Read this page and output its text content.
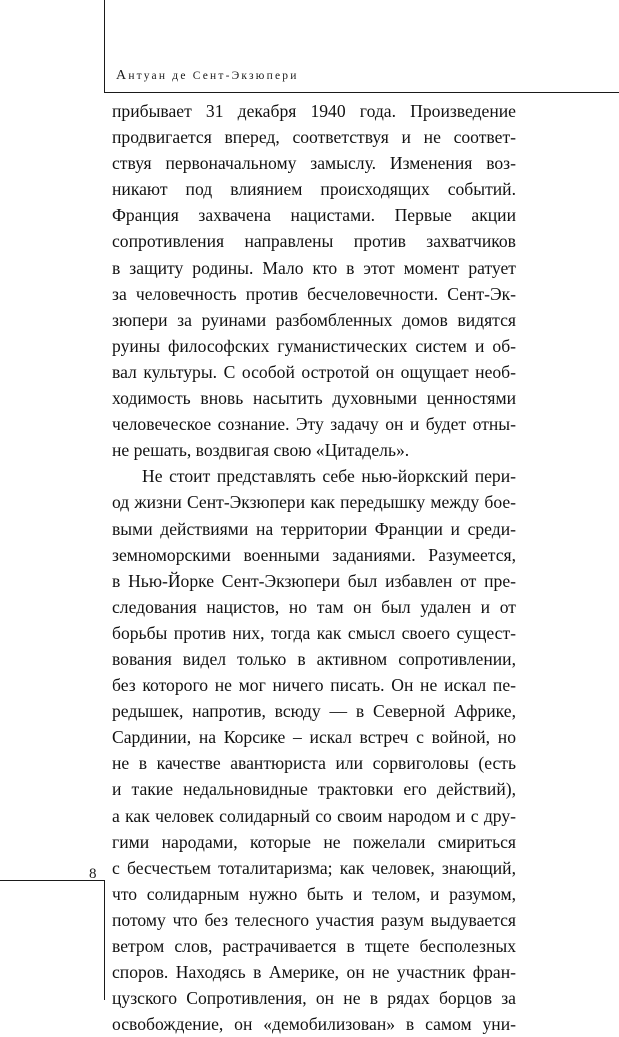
Антуан де Сент-Экзюпери
прибывает 31 декабря 1940 года. Произведение
продвигается вперед, соответствуя и не соответ-
ствуя первоначальному замыслу. Изменения воз-
никают под влиянием происходящих событий.
Франция захвачена нацистами. Первые акции
сопротивления направлены против захватчиков
в защиту родины. Мало кто в этот момент ратует
за человечность против бесчеловечности. Сент-Эк-
зюпери за руинами разбомбленных домов видятся
руины философских гуманистических систем и об-
вал культуры. С особой остротой он ощущает необ-
ходимость вновь насытить духовными ценностями
человеческое сознание. Эту задачу он и будет отны-
не решать, воздвигая свою «Цитадель».
Не стоит представлять себе нью-йоркский пери-
од жизни Сент-Экзюпери как передышку между бое-
выми действиями на территории Франции и среди-
земноморскими военными заданиями. Разумеется,
в Нью-Йорке Сент-Экзюпери был избавлен от пре-
следования нацистов, но там он был удален и от
борьбы против них, тогда как смысл своего сущест-
вования видел только в активном сопротивлении,
без которого не мог ничего писать. Он не искал пе-
редышек, напротив, всюду — в Северной Африке,
Сардинии, на Корсике – искал встреч с войной, но
не в качестве авантюриста или сорвиголовы (есть
и такие недальновидные трактовки его действий),
а как человек солидарный со своим народом и с дру-
гими народами, которые не пожелали смириться
с бесчестьем тоталитаризма; как человек, знающий,
что солидарным нужно быть и телом, и разумом,
потому что без телесного участия разум выдувается
ветром слов, растрачивается в тщете бесполезных
споров. Находясь в Америке, он не участник фран-
цузского Сопротивления, он не в рядах борцов за
освобождение, он «демобилизован» в самом уни-
8
